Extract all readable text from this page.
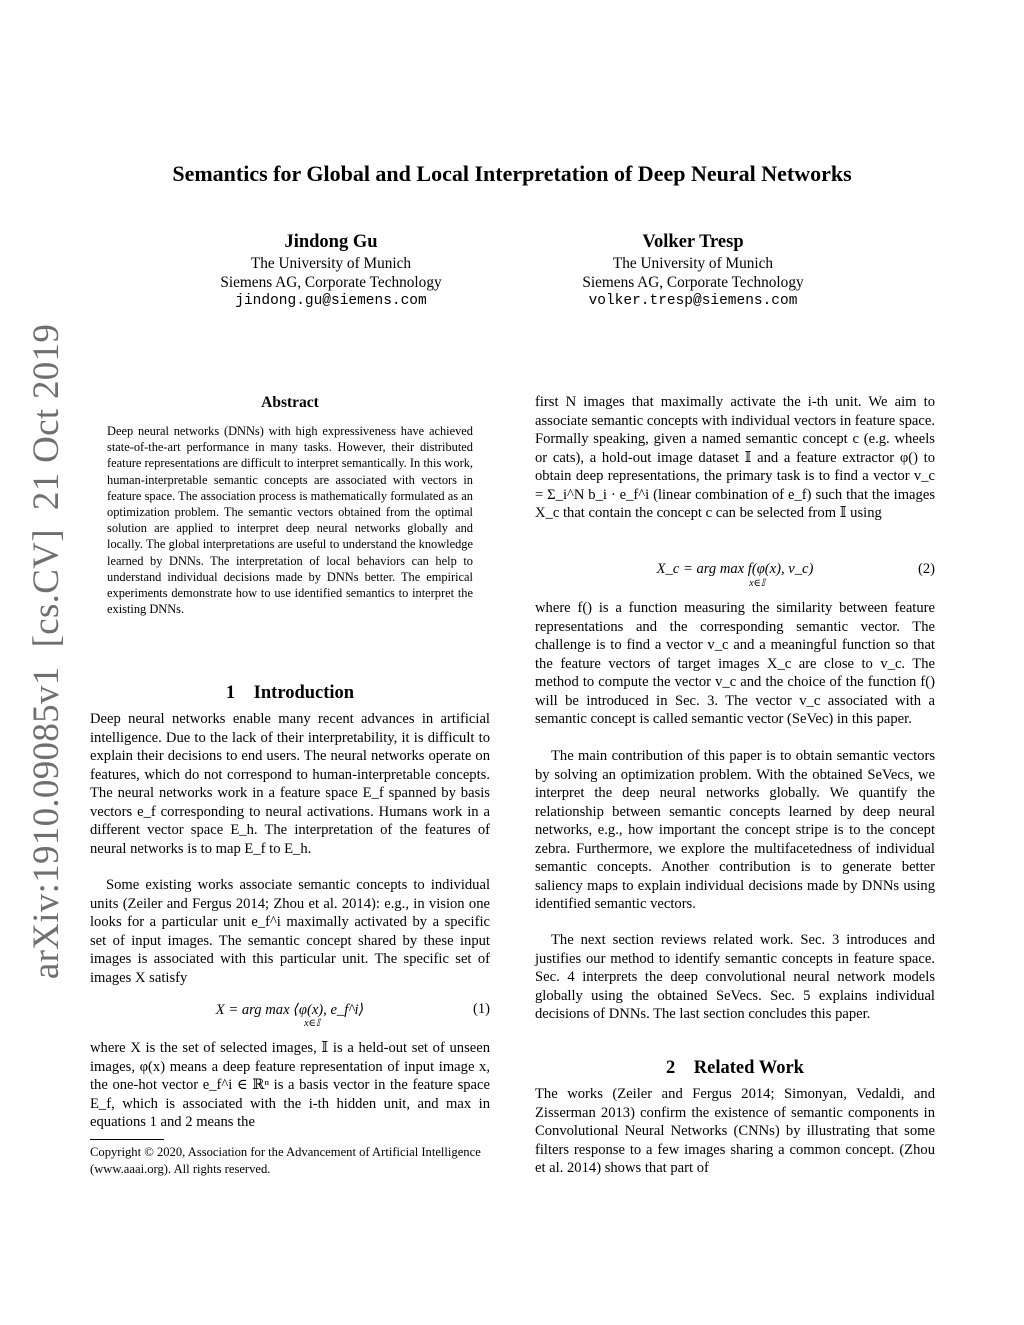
arXiv:1910.09085v1  [cs.CV]  21 Oct 2019
Semantics for Global and Local Interpretation of Deep Neural Networks
Jindong Gu
The University of Munich
Siemens AG, Corporate Technology
jindong.gu@siemens.com
Volker Tresp
The University of Munich
Siemens AG, Corporate Technology
volker.tresp@siemens.com
Abstract

Deep neural networks (DNNs) with high expressiveness have achieved state-of-the-art performance in many tasks. However, their distributed feature representations are difficult to interpret semantically. In this work, human-interpretable semantic concepts are associated with vectors in feature space. The association process is mathematically formulated as an optimization problem. The semantic vectors obtained from the optimal solution are applied to interpret deep neural networks globally and locally. The global interpretations are useful to understand the knowledge learned by DNNs. The interpretation of local behaviors can help to understand individual decisions made by DNNs better. The empirical experiments demonstrate how to use identified semantics to interpret the existing DNNs.

1    Introduction

Deep neural networks enable many recent advances in artificial intelligence. Due to the lack of their interpretability, it is difficult to explain their decisions to end users. The neural networks operate on features, which do not correspond to human-interpretable concepts. The neural networks work in a feature space E_f spanned by basis vectors e_f corresponding to neural activations. Humans work in a different vector space E_h. The interpretation of the features of neural networks is to map E_f to E_h.

Some existing works associate semantic concepts to individual units (Zeiler and Fergus 2014; Zhou et al. 2014): e.g., in vision one looks for a particular unit e_f^i maximally activated by a specific set of input images. The semantic concept shared by these input images is associated with this particular unit. The specific set of images X satisfy

X = arg max ⟨φ(x), e_f^i⟩
x∈𝕀
(1)

where X is the set of selected images, 𝕀 is a held-out set of unseen images, φ(x) means a deep feature representation of input image x, the one-hot vector e_f^i ∈ ℝⁿ is a basis vector in the feature space E_f, which is associated with the i-th hidden unit, and max in equations 1 and 2 means the

Copyright © 2020, Association for the Advancement of Artificial Intelligence (www.aaai.org). All rights reserved.

first N images that maximally activate the i-th unit. We aim to associate semantic concepts with individual vectors in feature space. Formally speaking, given a named semantic concept c (e.g. wheels or cats), a hold-out image dataset 𝕀 and a feature extractor φ() to obtain deep representations, the primary task is to find a vector v_c = Σ_i^N b_i · e_f^i (linear combination of e_f) such that the images X_c that contain the concept c can be selected from 𝕀 using

X_c = arg max f(φ(x), v_c)
x∈𝕀
(2)

where f() is a function measuring the similarity between feature representations and the corresponding semantic vector. The challenge is to find a vector v_c and a meaningful function so that the feature vectors of target images X_c are close to v_c. The method to compute the vector v_c and the choice of the function f() will be introduced in Sec. 3. The vector v_c associated with a semantic concept is called semantic vector (SeVec) in this paper.

The main contribution of this paper is to obtain semantic vectors by solving an optimization problem. With the obtained SeVecs, we interpret the deep neural networks globally. We quantify the relationship between semantic concepts learned by deep neural networks, e.g., how important the concept stripe is to the concept zebra. Furthermore, we explore the multifacetedness of individual semantic concepts. Another contribution is to generate better saliency maps to explain individual decisions made by DNNs using identified semantic vectors.

The next section reviews related work. Sec. 3 introduces and justifies our method to identify semantic concepts in feature space. Sec. 4 interprets the deep convolutional neural network models globally using the obtained SeVecs. Sec. 5 explains individual decisions of DNNs. The last section concludes this paper.

2    Related Work

The works (Zeiler and Fergus 2014; Simonyan, Vedaldi, and Zisserman 2013) confirm the existence of semantic components in Convolutional Neural Networks (CNNs) by illustrating that some filters response to a few images sharing a common concept. (Zhou et al. 2014) shows that part of
